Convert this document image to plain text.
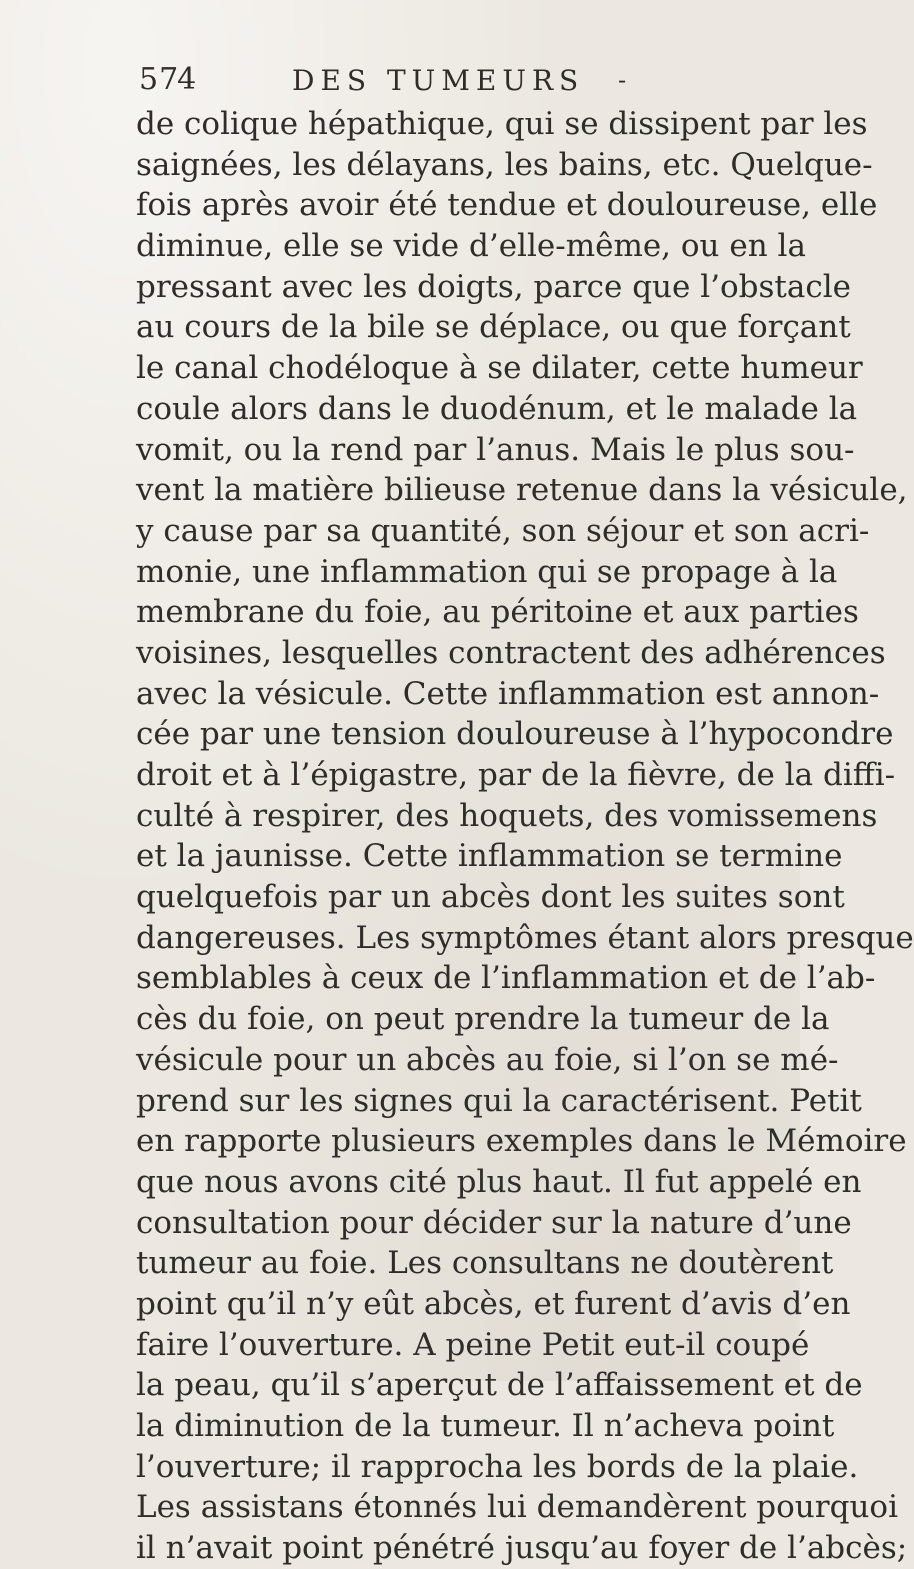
5 74	DES TUMEURS -
de colique hépathique, qui se dissipent par les
saignées, les délayans, les bains, etc. Quelque-
fois après avoir été tendue et douloureuse, elle
diminue, elle se vide d’elle-même, ou en la
pressant avec les doigts, parce que l’obstacle
au cours de la bile se déplace, ou que forçant
le canal chodéloque à se dilater, cette humeur
coule alors dans le duodénum, et le malade la
vomit, ou la rend par l’anus. Mais le plus sou-
vent la matière bilieuse retenue dans la vésicule,
y cause par sa quantité, son séjour et son acri-
monie, une inflammation qui se propage à la
membrane du foie, au péritoine et aux parties
voisines, lesquelles contractent des adhérences
avec la vésicule. Cette inflammation est annon-
cée par une tension douloureuse à l’hypocondre
droit et à l’épigastre, par de la fièvre, de la diffi-
culté à respirer, des hoquets, des vomissemens
et la jaunisse. Cette inflammation se termine
quelquefois par un abcès dont les suites sont
dangereuses. Les symptômes étant alors presque
semblables à ceux de l’inflammation et de l’ab-
cès du foie, on peut prendre la tumeur de la
vésicule pour un abcès au foie, si l’on se mé-
prend sur les signes qui la caractérisent. Petit
en rapporte plusieurs exemples dans le Mémoire
que nous avons cité plus haut. Il fut appelé en
consultation pour décider sur la nature d’une
tumeur au foie. Les consultans ne doutèrent
point qu’il n’y eût abcès, et furent d’avis d’en
faire l’ouverture. A peine Petit eut-il coupé
la peau, qu’il s’aperçut de l’affaissement et de
la diminution de la tumeur. Il n’acheva point
l’ouverture; il rapprocha les bords de la plaie.
Les assistans étonnés lui demandèrent pourquoi
il n’avait point pénétré jusqu’au foyer de l’abcès;
